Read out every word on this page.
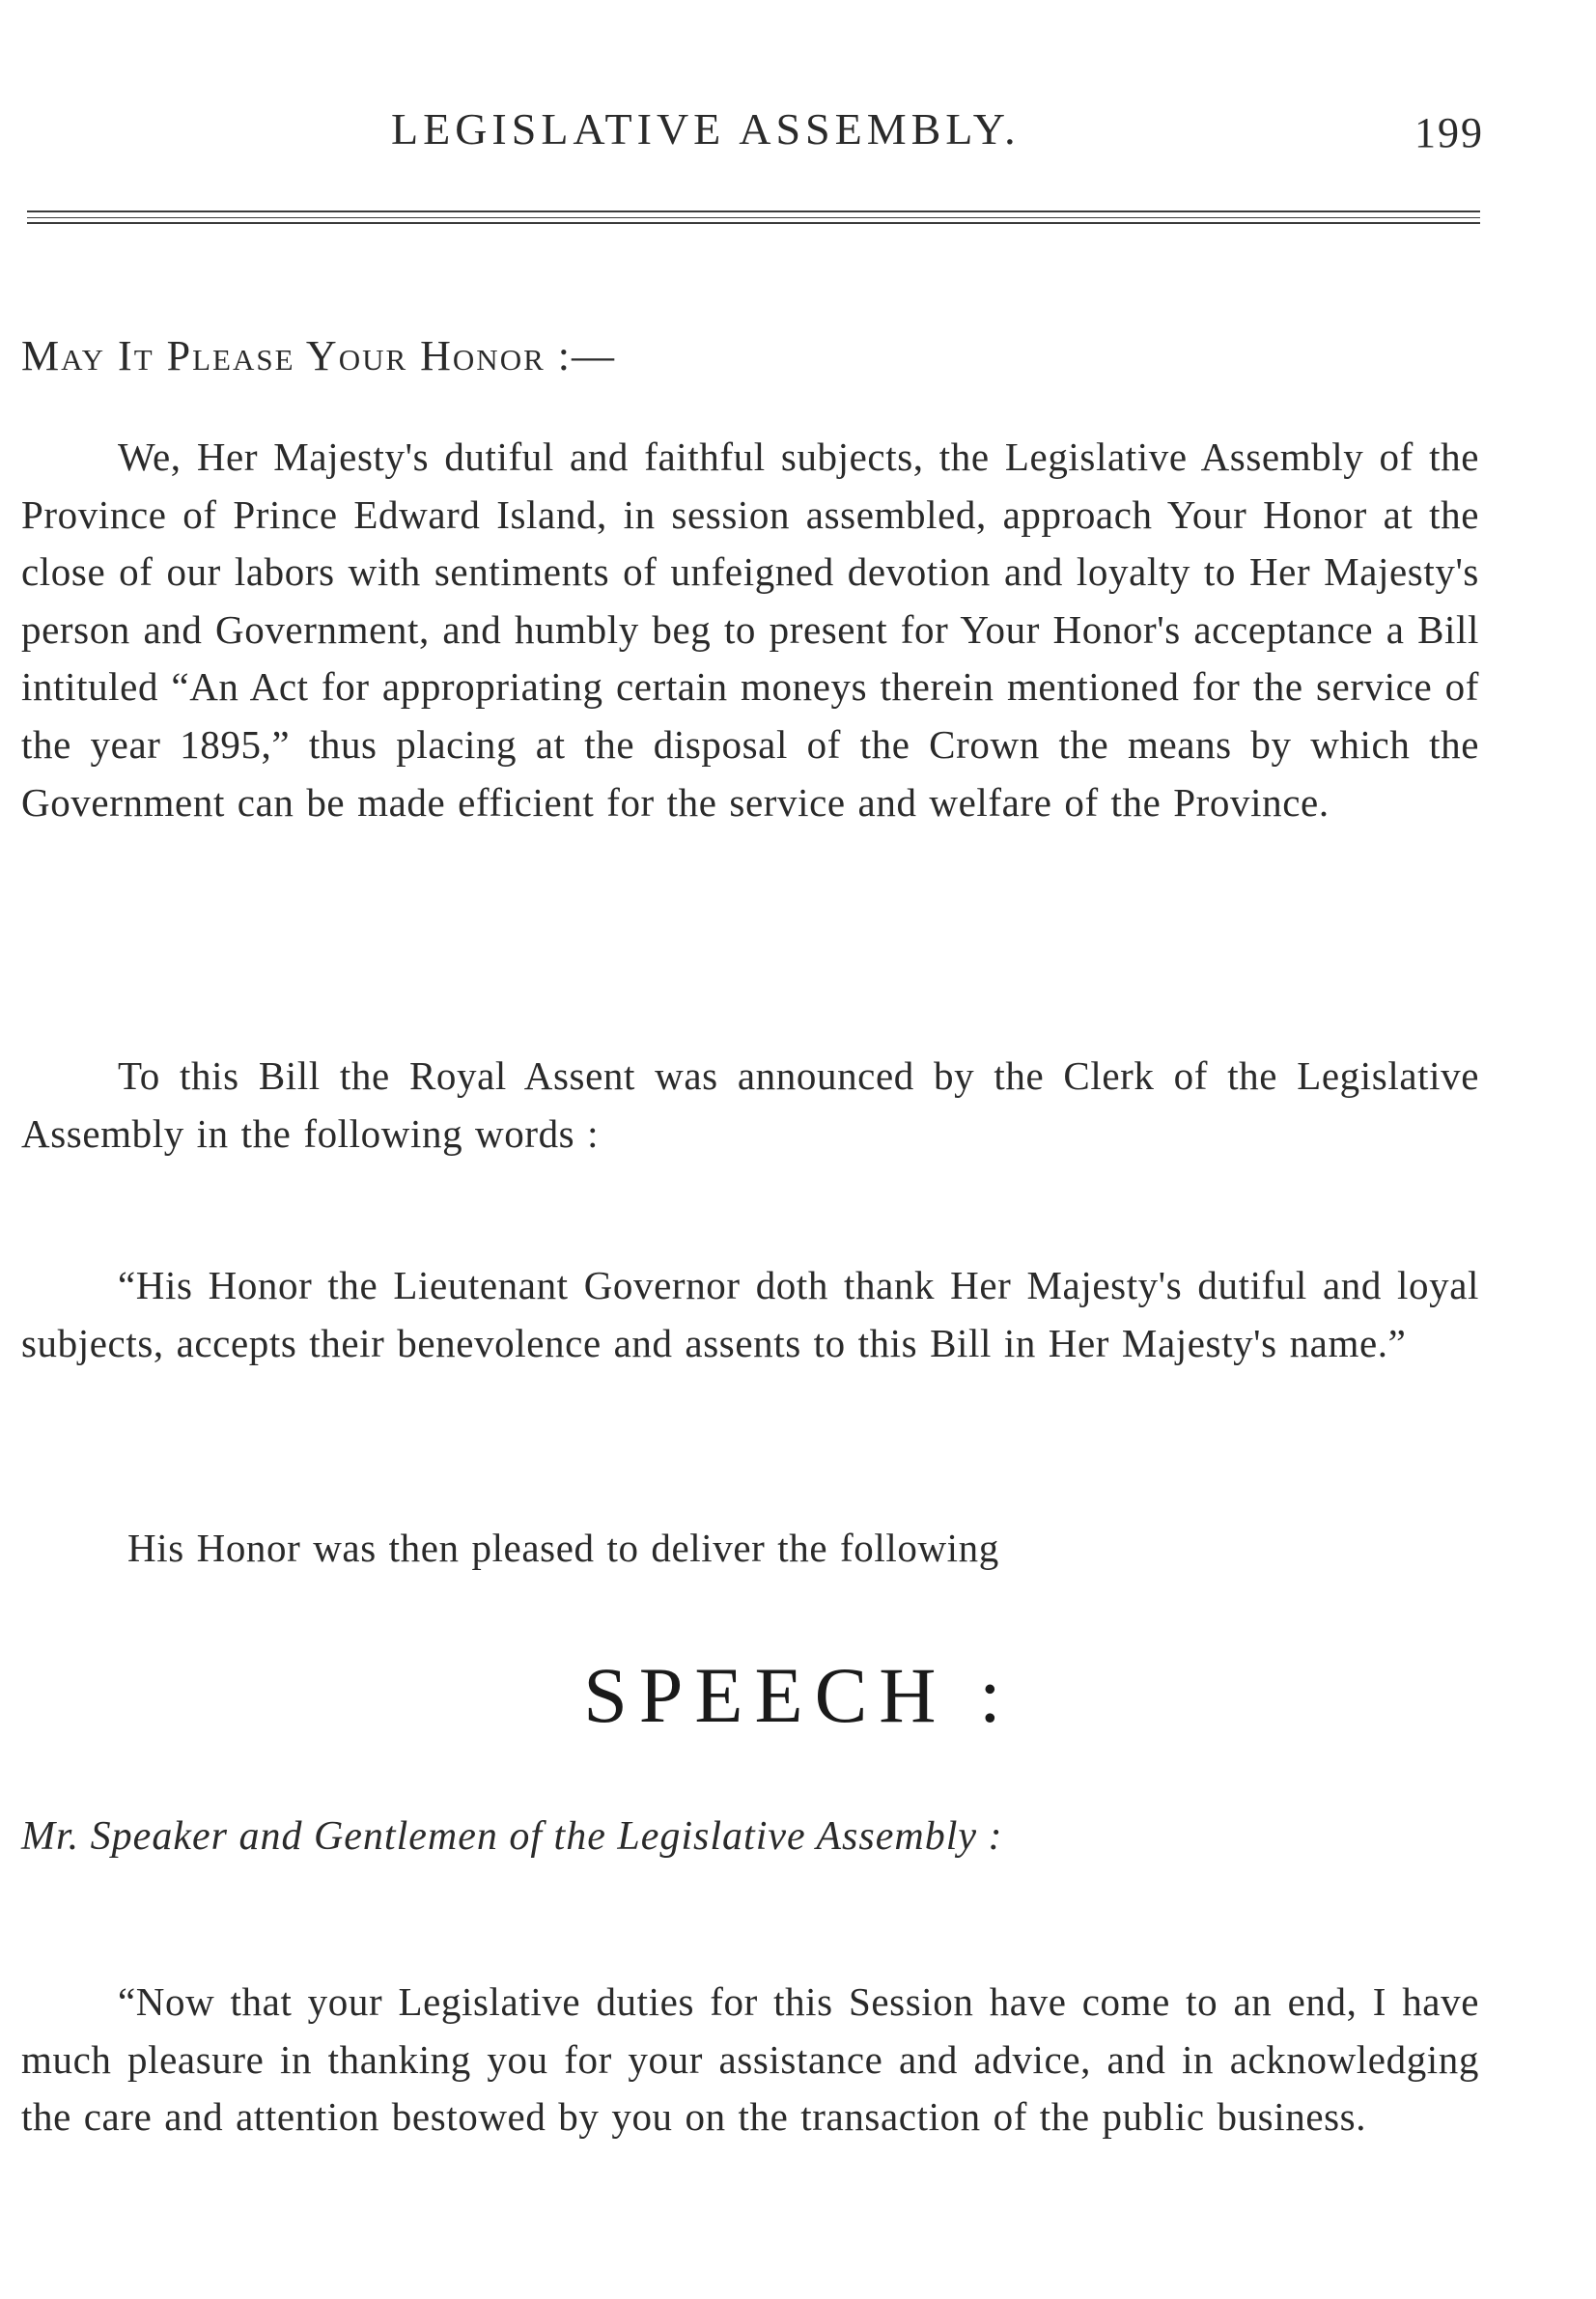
LEGISLATIVE ASSEMBLY.	199
May It Please Your Honor :—

We, Her Majesty's dutiful and faithful subjects, the Legislative Assembly of the Province of Prince Edward Island, in session assembled, approach Your Honor at the close of our labors with sentiments of unfeigned devotion and loyalty to Her Majesty's person and Government, and humbly beg to present for Your Honor's acceptance a Bill intituled “An Act for appropriating certain moneys therein mentioned for the service of the year 1895,” thus placing at the disposal of the Crown the means by which the Government can be made efficient for the service and welfare of the Province.

To this Bill the Royal Assent was announced by the Clerk of the Legislative Assembly in the following words :

“His Honor the Lieutenant Governor doth thank Her Majesty's dutiful and loyal subjects, accepts their benevolence and assents to this Bill in Her Majesty's name.”

His Honor was then pleased to deliver the following

SPEECH :
Mr. Speaker and Gentlemen of the Legislative Assembly :

“Now that your Legislative duties for this Session have come to an end, I have much pleasure in thanking you for your assistance and advice, and in acknowledging the care and attention bestowed by you on the transaction of the public business.
